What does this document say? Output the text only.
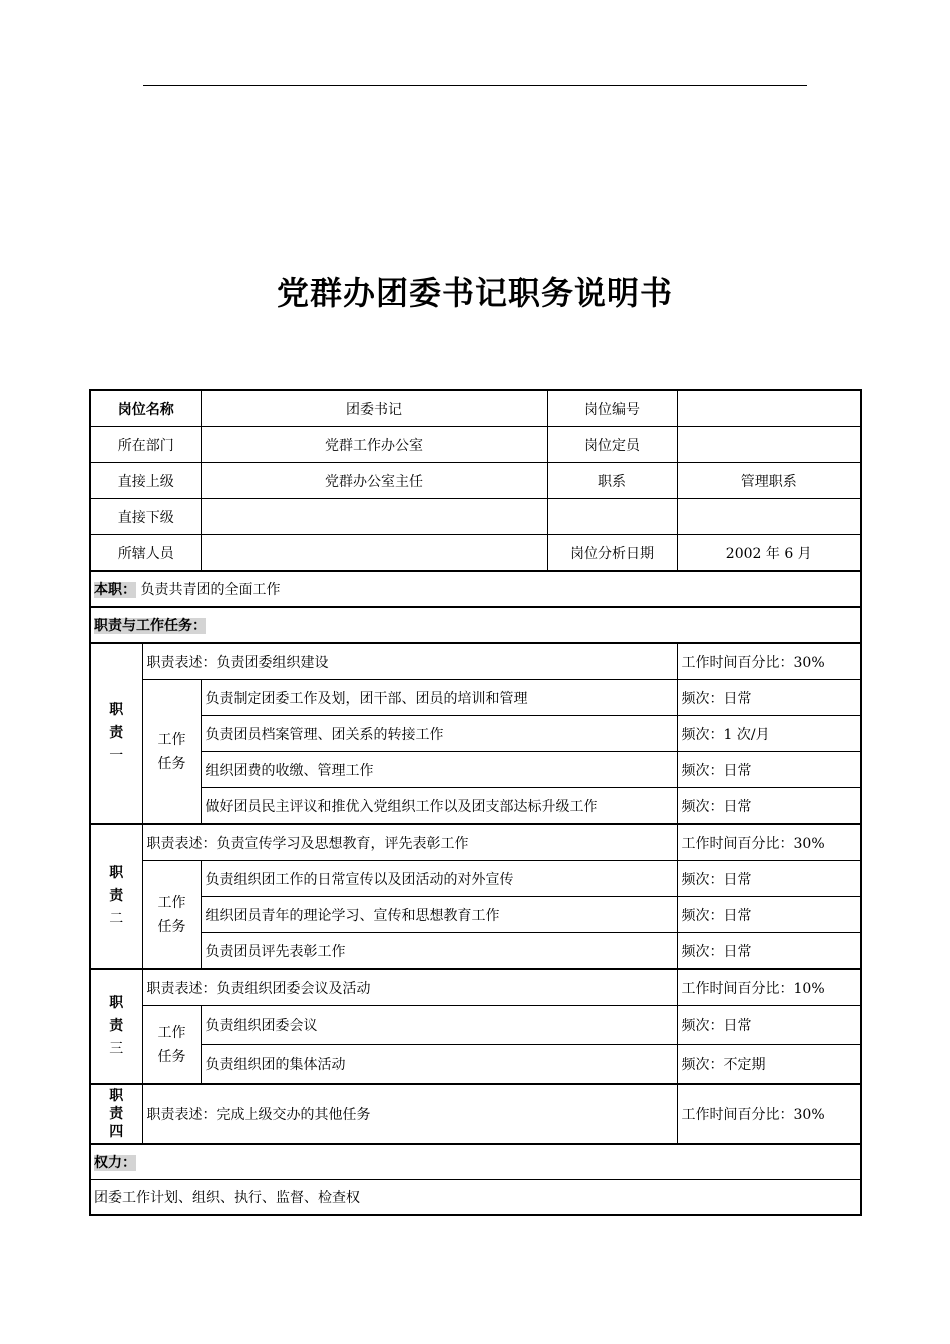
党群办团委书记职务说明书
岗位名称		团委书记	岗位编号	
所在部门		党群工作办公室	岗位定员	
直接上级		党群办公室主任	职系	管理职系
直接下级				
所辖人员			岗位分析日期	2002 年 6 月
本职： 负责共青团的全面工作				
职责与工作任务：				

职
责
一	职责表述：负责团委组织建设			工作时间百分比：30%

	工作
任务	负责制定团委工作及划，团干部、团员的培训和管理		频次：日常
		负责团员档案管理、团关系的转接工作		频次：1 次/月
		组织团费的收缴、管理工作		频次：日常
		做好团员民主评议和推优入党组织工作以及团支部达标升级工作		频次：日常

职
责
二	职责表述：负责宣传学习及思想教育，评先表彰工作			工作时间百分比：30%

	工作
任务	负责组织团工作的日常宣传以及团活动的对外宣传		频次：日常
		组织团员青年的理论学习、宣传和思想教育工作		频次：日常
		负责团员评先表彰工作		频次：日常

职
责
三	职责表述：负责组织团委会议及活动			工作时间百分比：10%

	工作
任务	负责组织团委会议		频次：日常
		负责组织团的集体活动		频次：不定期

职
责
四	职责表述：完成上级交办的其他任务			工作时间百分比：30%
权力：				
团委工作计划、组织、执行、监督、检查权				
